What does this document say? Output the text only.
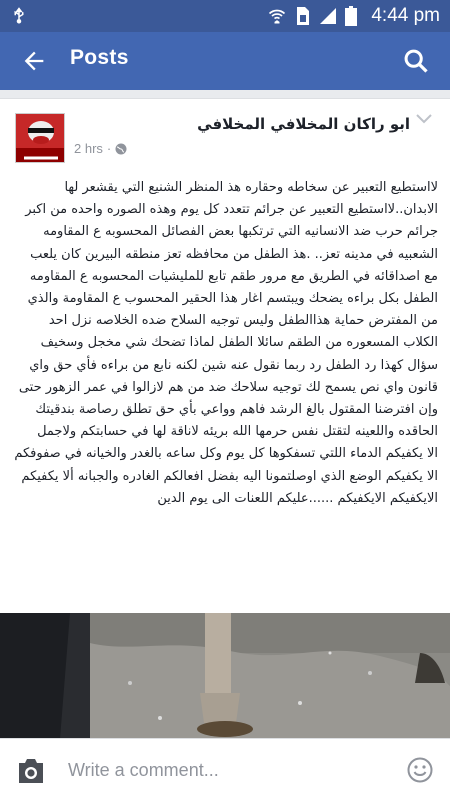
4:44 pm
Posts
ابو راكان المخلافي المخلافي
2 hrs ·

لااستطيع التعبير عن سخاطه وحقاره هذ المنظر الشنيع التي يقشعر لها الابدان..لااستطيع التعبير عن جرائم تتعدد كل يوم وهذه الصوره واحده من اكبر جرائم حرب ضد الانسانيه التي ترتكبها بعض الفصائل المحسوبه ع المقاومه الشعبيه في مدينه تعز.. .هذ الطفل من محافظه تعز منطقه البيرين كان يلعب مع اصداقائه في الطريق مع مرور طقم تابع للمليشيات المحسوبه ع المقاومه الطفل بكل براءه يضحك ويبتسم اغار هذا الحقير المحسوب ع المقاومة والذي من المفترض حماية هذاالطفل وليس توجيه السلاح ضده الخلاصه نزل احد الكلاب المسعوره من الطقم سائلا الطفل لماذا تضحك شي مخجل وسخيف سؤال كهذا رد الطفل رد ربما نقول عنه شين لكنه نابع من براءه فأي حق واي قانون واي نص يسمح لك توجيه سلاحك ضد من هم لازالوا في عمر الزهور حتى وإن افترضنا المقتول بالغ الرشد فاهم وواعي بأي حق تطلق رصاصة بندقيتك الحاقده واللعينه لتقتل نفس حرمها الله بريئه لاناقة لها في حسابتكم ولاجمل

الا يكفيكم الدماء اللتي تسفكوها كل يوم وكل ساعه بالغدر والخيانه في صفوفكم الا يكفيكم الوضع الذي اوصلتمونا اليه بفضل افعالكم الغادره والجبانه ألا يكفيكم الايكفيكم الايكفيكم ......عليكم اللعنات الى يوم الدين

Write a comment...
